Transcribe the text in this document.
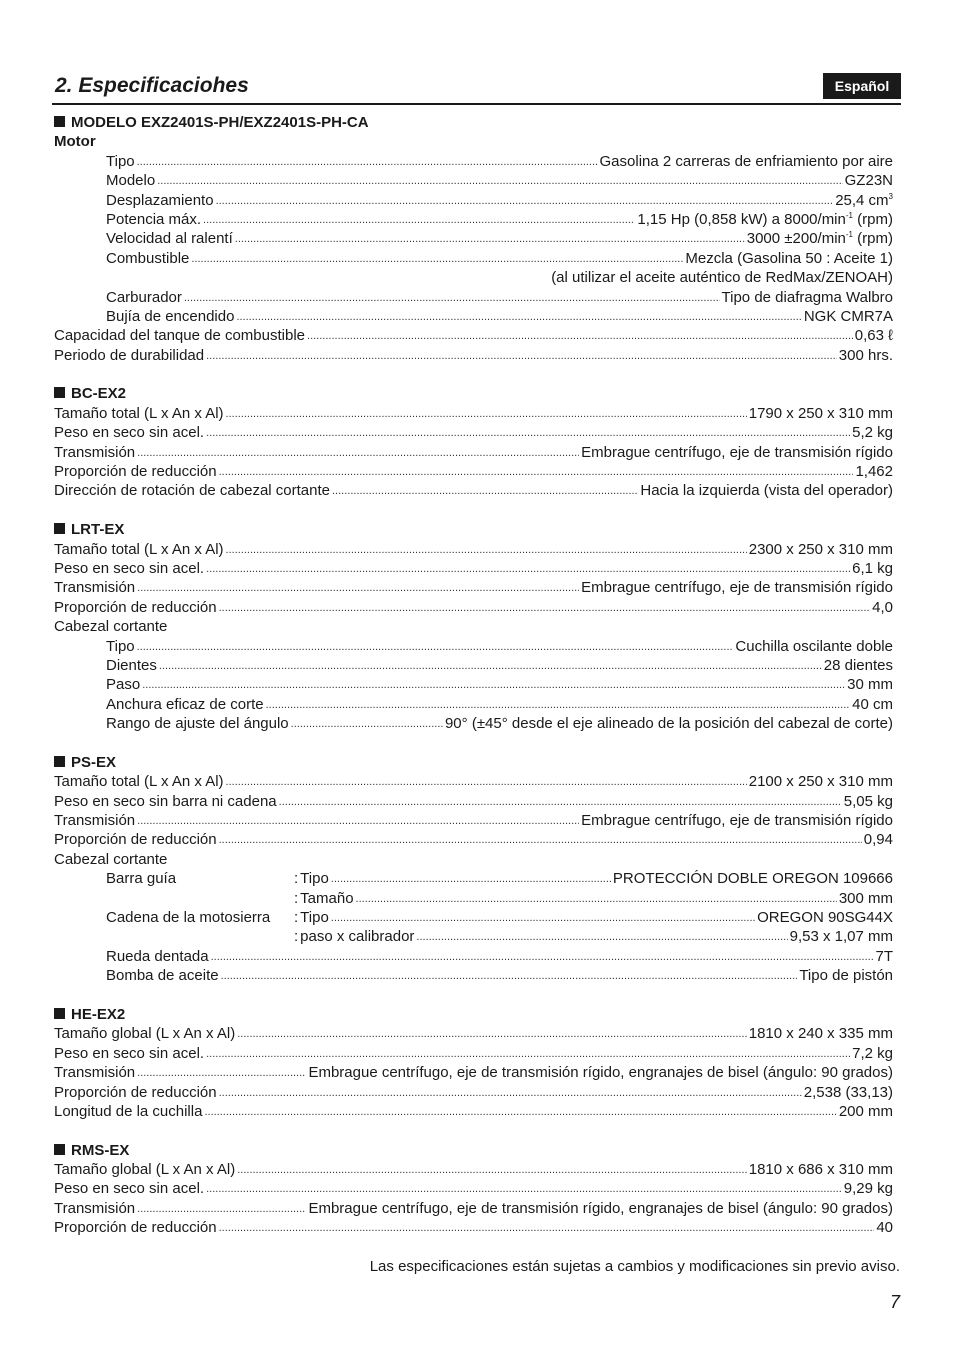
2. Especificaciohes	Español
MODELO EXZ2401S-PH/EXZ2401S-PH-CA
Motor
Tipo .....	Gasolina 2 carreras de enfriamiento por aire
Modelo .....	GZ23N
Desplazamiento .....	25,4 $cm^3$
Potencia máx. .....	1,15 Hp (0,858 kW) a $8000/\min^{-1}$ (rpm)
Velocidad al ralentí .....	$3000 \pm 200/\min^{-1}$ (rpm)
Combustible .....	Mezcla (Gasolina 50 : Aceite 1)
(al utilizar el aceite auténtico de RedMax/ZENOAH)
Carburador .....	Tipo de diafragma Walbro
Bujía de encendido .....	NGK CMR7A
Capacidad del tanque de combustible .....	0,63 ℓ
Periodo de durabilidad .....	300 hrs.
BC-EX2
Tamaño total (L x An x Al) .....	1790 x 250 x 310 mm
Peso en seco sin acel. .....	5,2 kg
Transmisión .....	Embrague centrífugo, eje de transmisión rígido
Proporción de reducción .....	1,462
Dirección de rotación de cabezal cortante .....	Hacia la izquierda (vista del operador)
LRT-EX
Tamaño total (L x An x Al) .....	2300 x 250 x 310 mm
Peso en seco sin acel. .....	6,1 kg
Transmisión .....	Embrague centrífugo, eje de transmisión rígido
Proporción de reducción .....	4,0
Cabezal cortante
Tipo .....	Cuchilla oscilante doble
Dientes .....	28 dientes
Paso .....	30 mm
Anchura eficaz de corte .....	40 cm
Rango de ajuste del ángulo .....	90° (±45° desde el eje alineado de la posición del cabezal de corte)
PS-EX
Tamaño total (L x An x Al) .....	2100 x 250 x 310 mm
Peso en seco sin barra ni cadena .....	5,05 kg
Transmisión .....	Embrague centrífugo, eje de transmisión rígido
Proporción de reducción .....	0,94
Cabezal cortante
Barra guía	: Tipo .....	PROTECCIÓN DOBLE OREGON 109666
: Tamaño .....	300 mm
Cadena de la motosierra	: Tipo .....	OREGON 90SG44X
: paso x calibrador .....	9,53 x 1,07 mm
Rueda dentada .....	7T
Bomba de aceite .....	Tipo de pistón
HE-EX2
Tamaño global (L x An x Al) .....	1810 x 240 x 335 mm
Peso en seco sin acel. .....	7,2 kg
Transmisión .....	Embrague centrífugo, eje de transmisión rígido, engranajes de bisel (ángulo: 90 grados)
Proporción de reducción .....	2,538 (33,13)
Longitud de la cuchilla .....	200 mm
RMS-EX
Tamaño global (L x An x Al) .....	1810 x 686 x 310 mm
Peso en seco sin acel. .....	9,29 kg
Transmisión .....	Embrague centrífugo, eje de transmisión rígido, engranajes de bisel (ángulo: 90 grados)
Proporción de reducción .....	40

Las especificaciones están sujetas a cambios y modificaciones sin previo aviso.

7
